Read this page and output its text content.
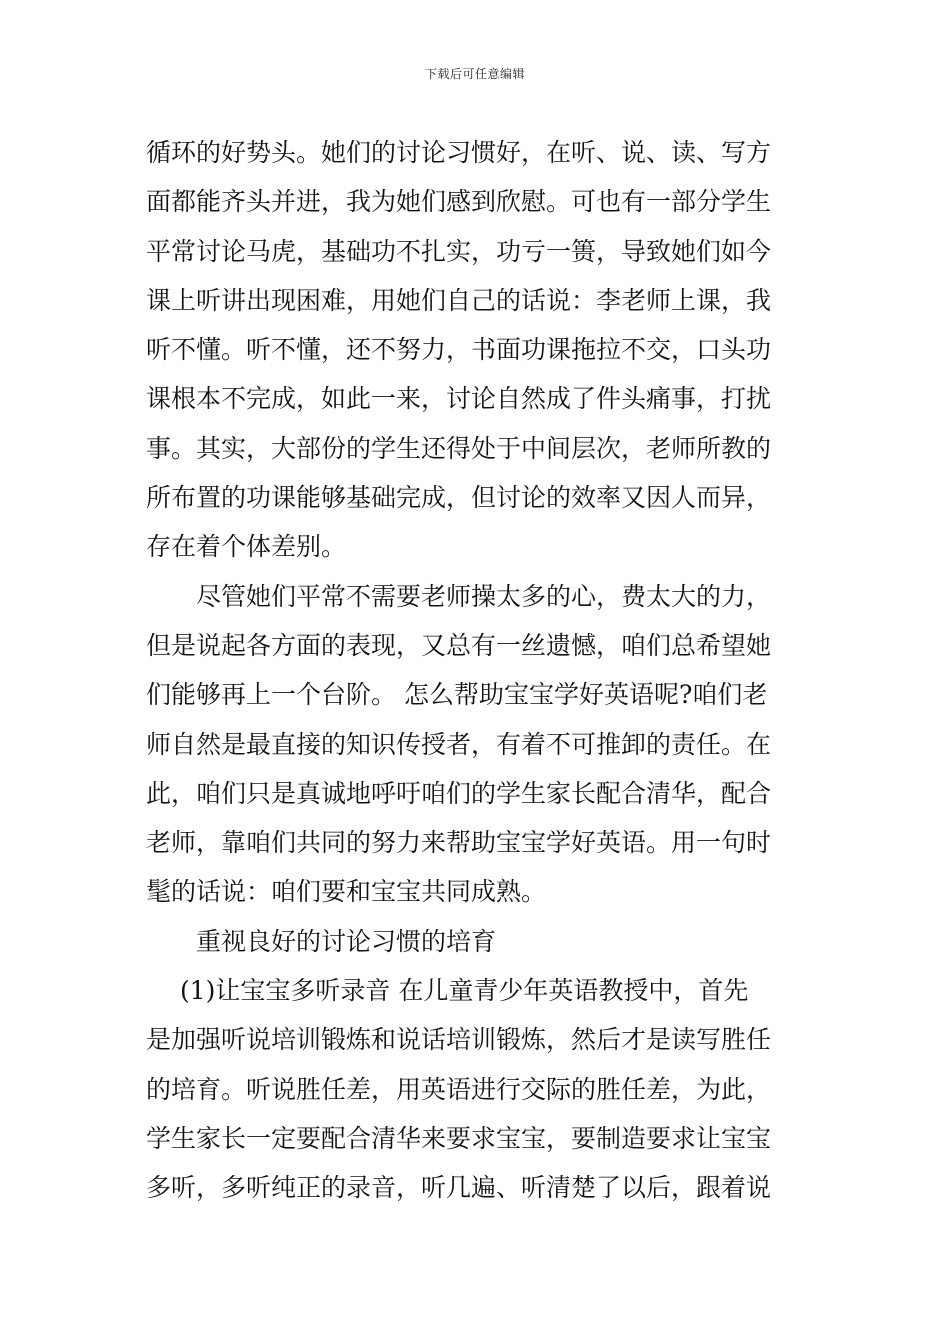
下载后可任意编辑
循环的好势头。她们的讨论习惯好，在听、说、读、写方
面都能齐头并进，我为她们感到欣慰。可也有一部分学生
平常讨论马虎，基础功不扎实，功亏一篑，导致她们如今
课上听讲出现困难，用她们自己的话说：李老师上课，我
听不懂。听不懂，还不努力，书面功课拖拉不交，口头功
课根本不完成，如此一来，讨论自然成了件头痛事，打扰
事。其实，大部份的学生还得处于中间层次，老师所教的
所布置的功课能够基础完成，但讨论的效率又因人而异，
存在着个体差别。
尽管她们平常不需要老师操太多的心，费太大的力，
但是说起各方面的表现，又总有一丝遗憾，咱们总希望她
们能够再上一个台阶。 怎么帮助宝宝学好英语呢?咱们老
师自然是最直接的知识传授者，有着不可推卸的责任。在
此，咱们只是真诚地呼吁咱们的学生家长配合清华，配合
老师，靠咱们共同的努力来帮助宝宝学好英语。用一句时
髦的话说：咱们要和宝宝共同成熟。
重视良好的讨论习惯的培育
(1)让宝宝多听录音 在儿童青少年英语教授中，首先
是加强听说培训锻炼和说话培训锻炼，然后才是读写胜任
的培育。听说胜任差，用英语进行交际的胜任差，为此，
学生家长一定要配合清华来要求宝宝，要制造要求让宝宝
多听，多听纯正的录音，听几遍、听清楚了以后，跟着说
